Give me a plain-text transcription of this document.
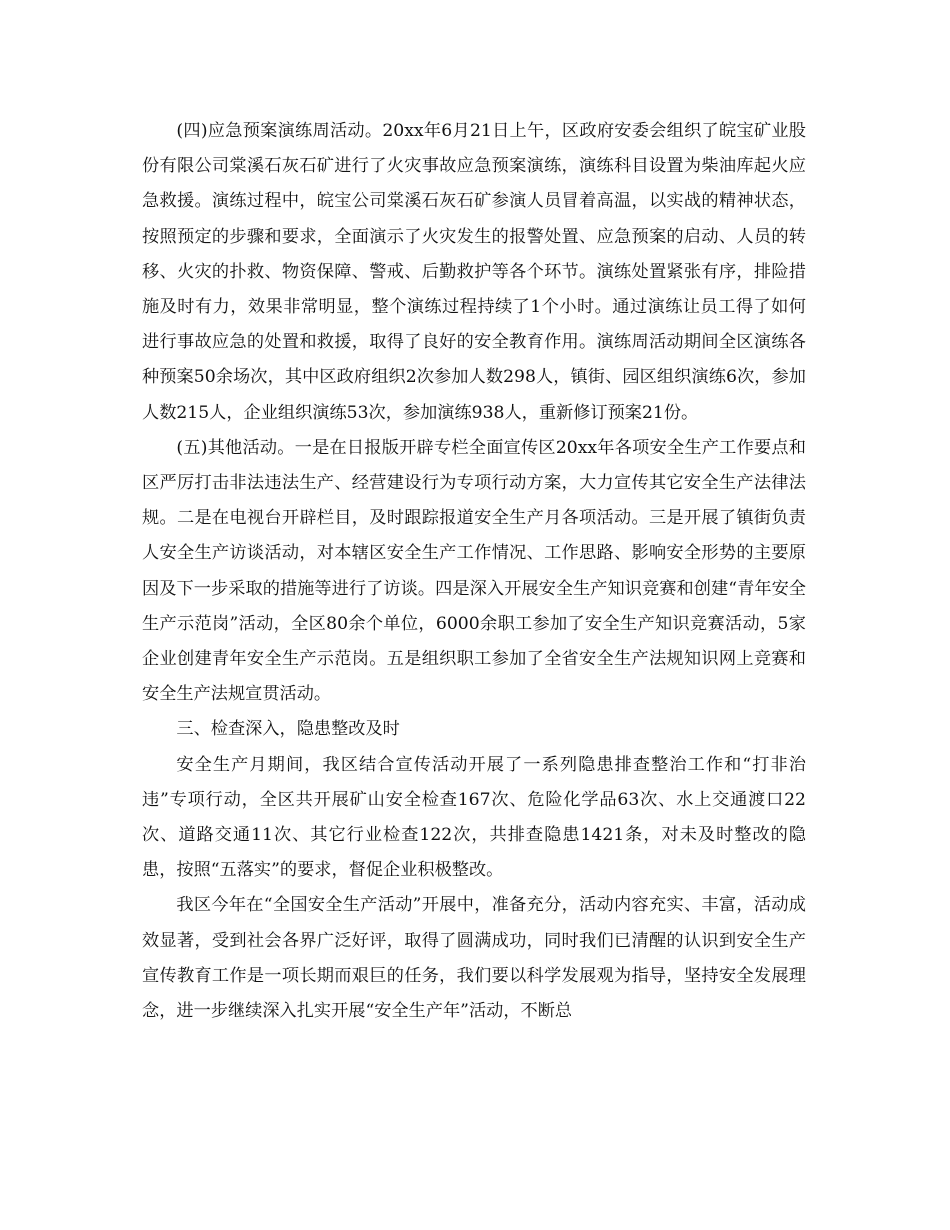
(四)应急预案演练周活动。20xx年6月21日上午，区政府安委会组织了皖宝矿业股份有限公司棠溪石灰石矿进行了火灾事故应急预案演练，演练科目设置为柴油库起火应急救援。演练过程中，皖宝公司棠溪石灰石矿参演人员冒着高温，以实战的精神状态，按照预定的步骤和要求，全面演示了火灾发生的报警处置、应急预案的启动、人员的转移、火灾的扑救、物资保障、警戒、后勤救护等各个环节。演练处置紧张有序，排险措施及时有力，效果非常明显，整个演练过程持续了1个小时。通过演练让员工得了如何进行事故应急的处置和救援，取得了良好的安全教育作用。演练周活动期间全区演练各种预案50余场次，其中区政府组织2次参加人数298人，镇街、园区组织演练6次，参加人数215人，企业组织演练53次，参加演练938人，重新修订预案21份。

(五)其他活动。一是在日报版开辟专栏全面宣传区20xx年各项安全生产工作要点和区严厉打击非法违法生产、经营建设行为专项行动方案，大力宣传其它安全生产法律法规。二是在电视台开辟栏目，及时跟踪报道安全生产月各项活动。三是开展了镇街负责人安全生产访谈活动，对本辖区安全生产工作情况、工作思路、影响安全形势的主要原因及下一步采取的措施等进行了访谈。四是深入开展安全生产知识竞赛和创建“青年安全生产示范岗”活动，全区80余个单位，6000余职工参加了安全生产知识竞赛活动，5家企业创建青年安全生产示范岗。五是组织职工参加了全省安全生产法规知识网上竞赛和安全生产法规宣贯活动。

三、检查深入，隐患整改及时

安全生产月期间，我区结合宣传活动开展了一系列隐患排查整治工作和“打非治违”专项行动，全区共开展矿山安全检查167次、危险化学品63次、水上交通渡口22次、道路交通11次、其它行业检查122次，共排查隐患1421条，对未及时整改的隐患，按照“五落实”的要求，督促企业积极整改。

我区今年在“全国安全生产活动”开展中，准备充分，活动内容充实、丰富，活动成效显著，受到社会各界广泛好评，取得了圆满成功，同时我们已清醒的认识到安全生产宣传教育工作是一项长期而艰巨的任务，我们要以科学发展观为指导，坚持安全发展理念，进一步继续深入扎实开展“安全生产年”活动，不断总
